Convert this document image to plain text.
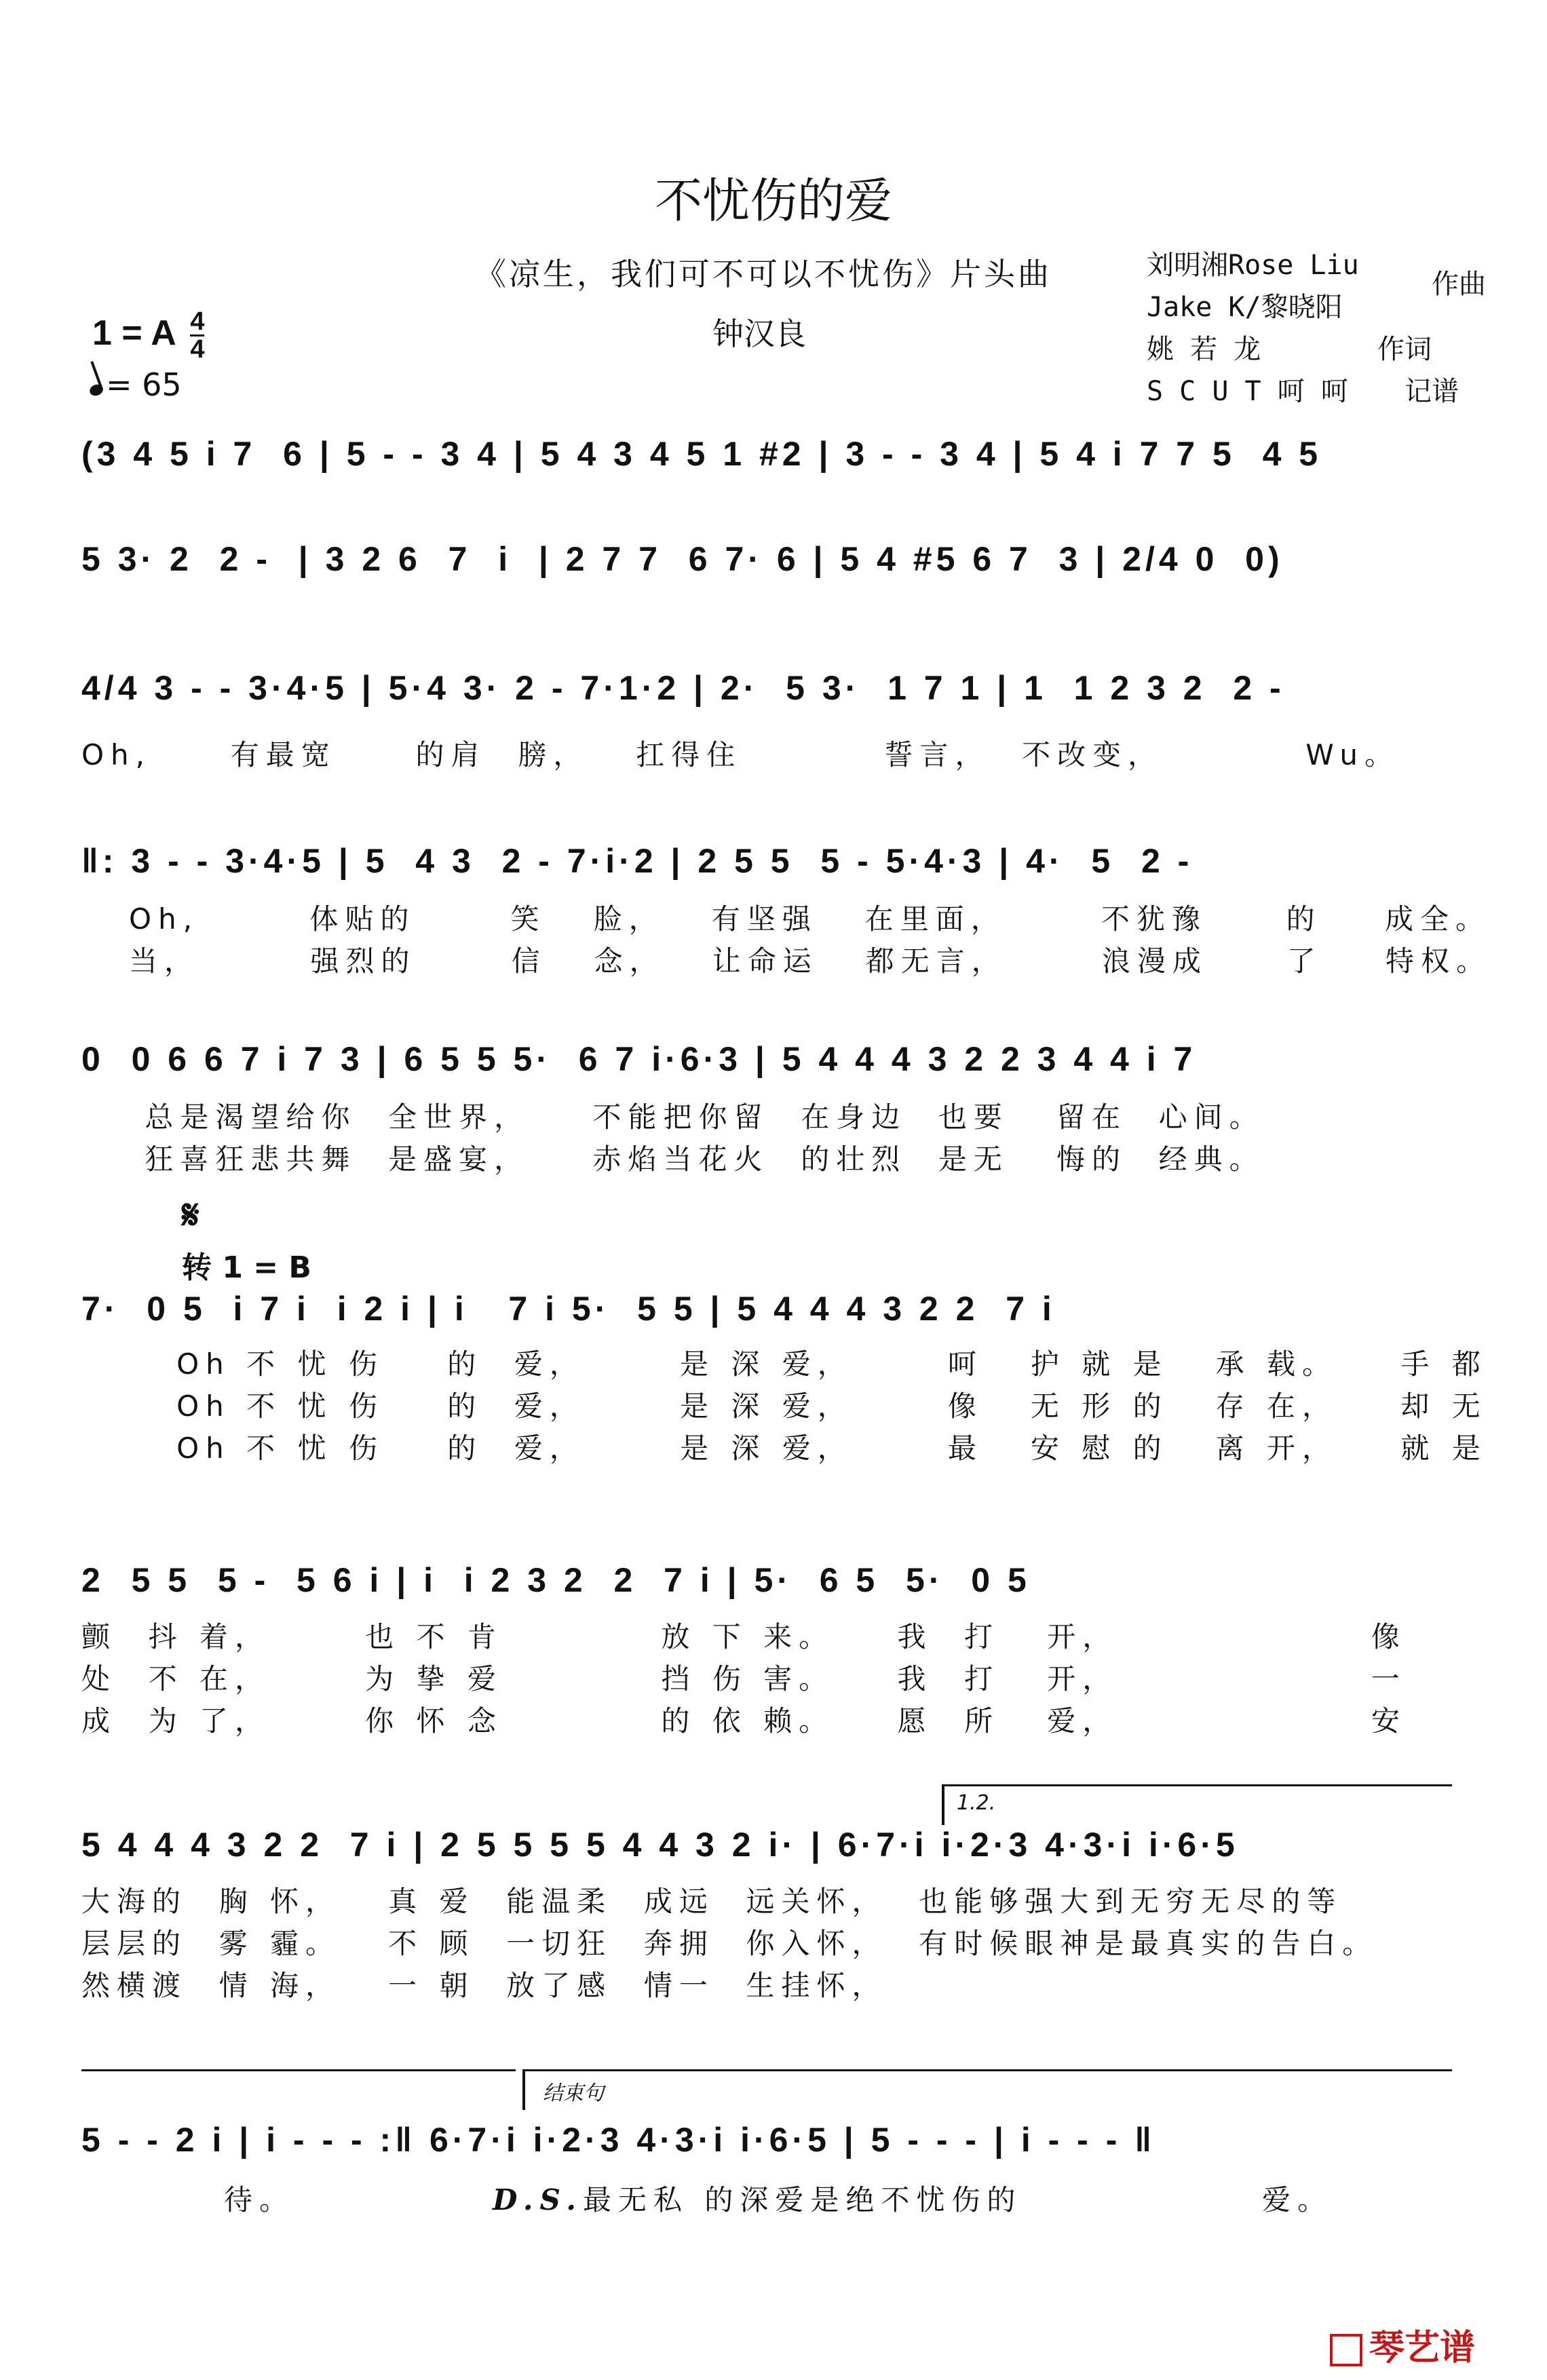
不忧伤的爱
《凉生，我们可不可以不忧伤》片头曲
钟汉良
刘明湘Rose Liu
Jake K/黎晓阳
作曲
姚 若 龙	作词
S C U T 呵 呵 记谱
1 = A $\frac{4}{4}$
= 65
(3 4 5 i 7  6 | 5 - - 3 4 | 5 4 3 4 5 1 #2 | 3 - - 3 4 | 5 4 i 7 7 5  4 5
5 3· 2  2 -  | 3 2 6  7  i  | 2 7 7  6 7· 6 | 5 4 #5 6 7  3 | 2/4 0  0)
4/4 3 - - 3·4·5 | 5·4 3· 2 - 7·1·2 | 2·  5 3·  1 7 1 | 1  1 2 3 2  2 -
Oh,     有最宽     的肩  膀，   扛得住         誓言，  不改变，         Wu。
‖: 3 - - 3·4·5 | 5  4 3  2 - 7·i·2 | 2 5 5  5 - 5·4·3 | 4·  5  2 -
Oh,       体贴的      笑   脸，   有坚强   在里面，      不犹豫     的    成全。
当，       强烈的      信   念，   让命运   都无言，      浪漫成     了    特权。
0  0 6 6 7 i 7 3 | 6 5 5 5·  6 7 i·6·3 | 5 4 4 4 3 2 2 3 4 4 i 7
总是渴望给你  全世界，    不能把你留  在身边  也要   留在  心间。
狂喜狂悲共舞  是盛宴，    赤焰当花火  的壮烈  是无   悔的  经典。
𝄋
转 1 = B
7·  0 5  i 7 i  i 2 i | i   7 i 5·  5 5 | 5 4 4 4 3 2 2  7 i
Oh 不 忧 伤    的  爱，      是 深 爱，      呵   护 就 是   承 载。    手 都
Oh 不 忧 伤    的  爱，      是 深 爱，      像   无 形 的   存 在，    却 无
Oh 不 忧 伤    的  爱，      是 深 爱，      最   安 慰 的   离 开，    就 是
2  5 5  5 -  5 6 i | i  i 2 3 2  2  7 i | 5·  6 5  5·  0 5
颤  抖 着，      也 不 肯          放 下 来。    我  打   开，                像
处  不 在，      为 挚 爱          挡 伤 害。    我  打   开，                一
成  为 了，      你 怀 念          的 依 赖。    愿  所   爱，                安
1.2.
5 4 4 4 3 2 2  7 i | 2 5 5 5 5 4 4 3 2 i· | 6·7·i i·2·3 4·3·i i·6·5
大海的  胸 怀，   真 爱  能温柔  成远  远关怀，  也能够强大到无穷无尽的等
层层的  雾 霾。   不 顾  一切狂  奔拥  你入怀，  有时候眼神是最真实的告白。
然横渡  情 海，   一 朝  放了感  情一  生挂怀，
结束句
5 - - 2 i | i - - - :‖ 6·7·i i·2·3 4·3·i i·6·5 | 5 - - - | i - - - ‖
待。	D.S.最无私 的深爱是绝不忧伤的	爱。
琴艺谱
